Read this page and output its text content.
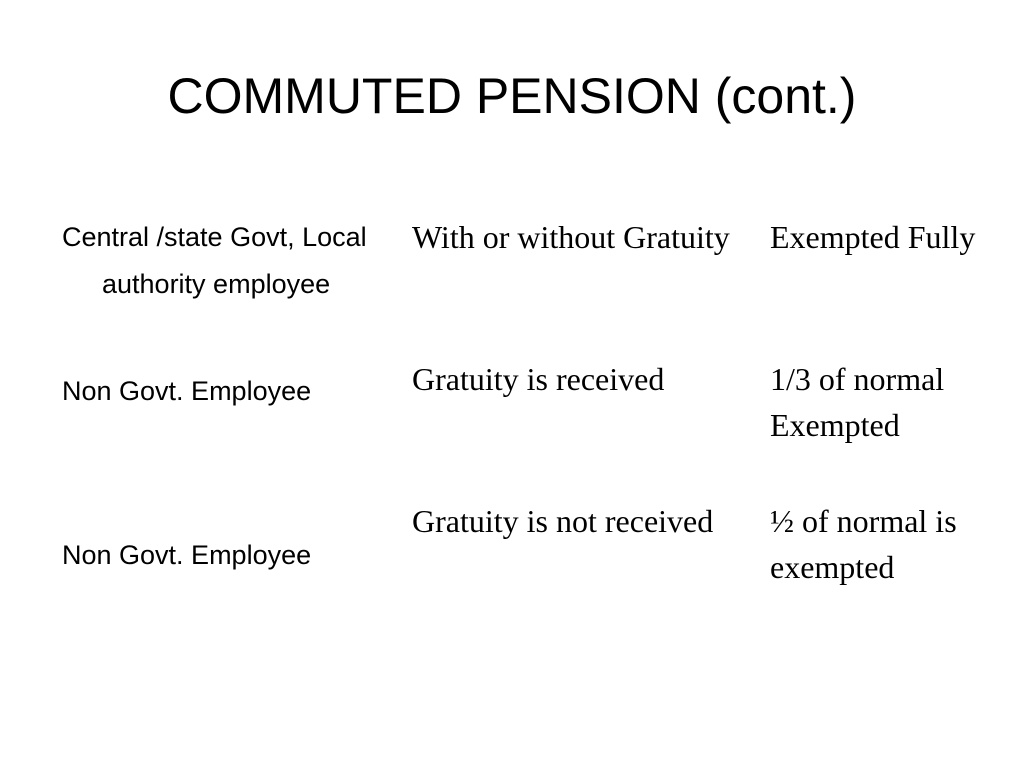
COMMUTED PENSION (cont.)
Central /state Govt, Local authority employee
Non Govt. Employee
Non Govt. Employee
With or without Gratuity
Gratuity is received
Gratuity is not received
Exempted Fully
1/3 of normal Exempted
½ of normal is exempted
